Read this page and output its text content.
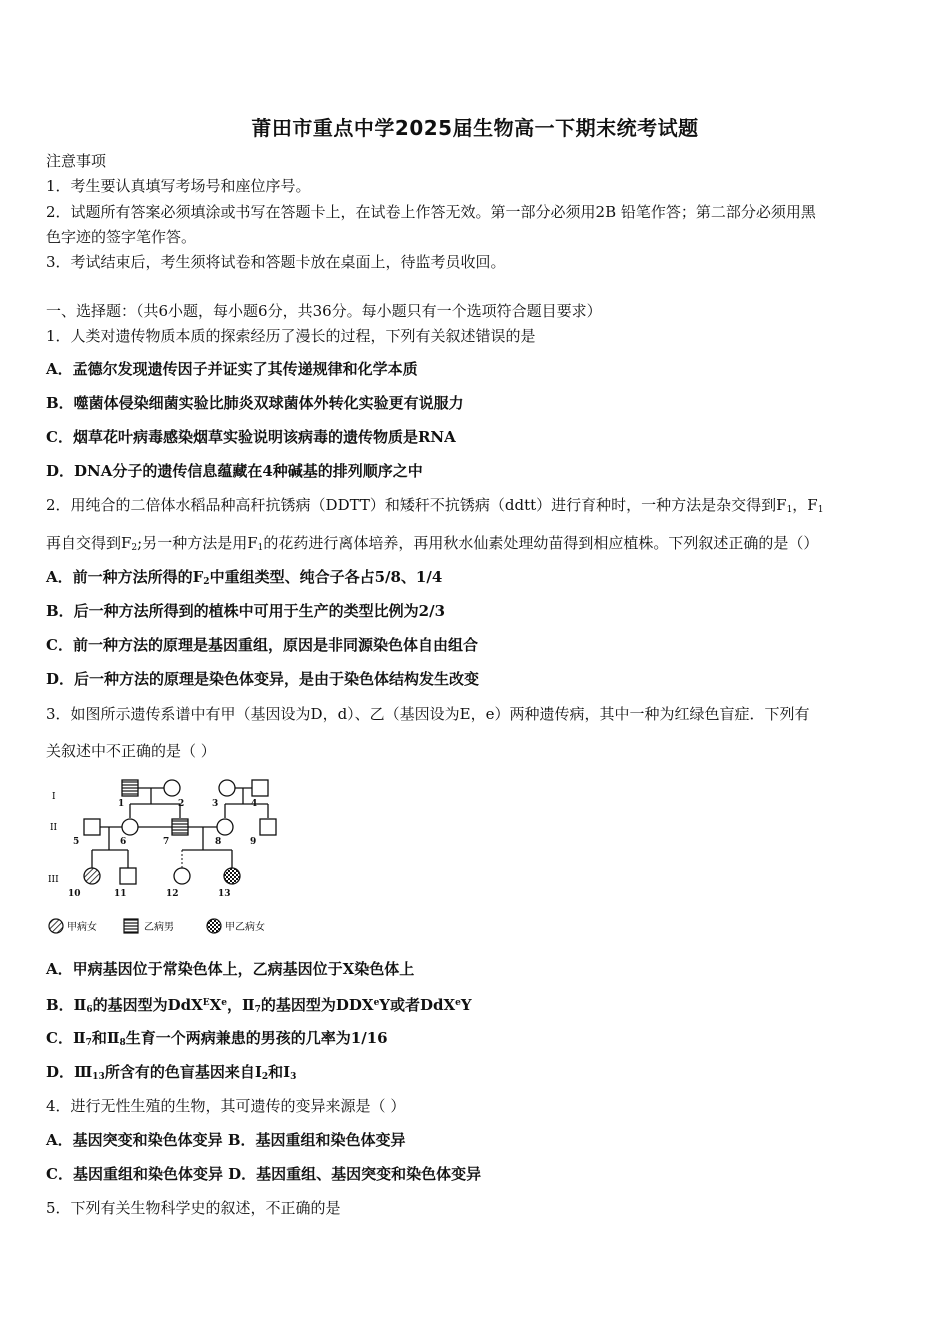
莆田市重点中学2025届生物高一下期末统考试题
注意事项
1．考生要认真填写考场号和座位序号。
2．试题所有答案必须填涂或书写在答题卡上，在试卷上作答无效。第一部分必须用2B 铅笔作答；第二部分必须用黑
色字迹的签字笔作答。
3．考试结束后，考生须将试卷和答题卡放在桌面上，待监考员收回。
一、选择题：（共6小题，每小题6分，共36分。每小题只有一个选项符合题目要求）
1．人类对遗传物质本质的探索经历了漫长的过程，下列有关叙述错误的是
A．孟德尔发现遗传因子并证实了其传递规律和化学本质
B．噬菌体侵染细菌实验比肺炎双球菌体外转化实验更有说服力
C．烟草花叶病毒感染烟草实验说明该病毒的遗传物质是RNA
D．DNA分子的遗传信息蕴藏在4种碱基的排列顺序之中
2．用纯合的二倍体水稻品种高秆抗锈病（DDTT）和矮秆不抗锈病（ddtt）进行育种时，一种方法是杂交得到$F_1$，$F_1$
再自交得到$F_2$;另一种方法是用$F_1$的花药进行离体培养，再用秋水仙素处理幼苗得到相应植株。下列叙述正确的是（）
A．前一种方法所得的$F_2$中重组类型、纯合子各占5/8、1/4
B．后一种方法所得到的植株中可用于生产的类型比例为2/3
C．前一种方法的原理是基因重组，原因是非同源染色体自由组合
D．后一种方法的原理是染色体变异，是由于染色体结构发生改变
3．如图所示遗传系谱中有甲（基因设为D，d）、乙（基因设为E，e）两种遗传病，其中一种为红绿色盲症．下列有
关叙述中不正确的是（ ）
I
II
III
1	2	3	4
5	6	7	8	9
10	11	12	13
甲病女	乙病男	甲乙病女
A．甲病基因位于常染色体上，乙病基因位于X染色体上
B．$Ⅱ_6$的基因型为DdX$^E$Xe，$Ⅱ_7$的基因型为DDXeY或者DdX$^e$Y
C．$Ⅱ_7$和$Ⅱ_8$生育一个两病兼患的男孩的几率为1/16
D．$Ⅲ_{13}$所含有的色盲基因来自$I_2$和$I_3$
4．进行无性生殖的生物，其可遗传的变异来源是（ ）
A．基因突变和染色体变异 B．基因重组和染色体变异
C．基因重组和染色体变异 D．基因重组、基因突变和染色体变异
5．下列有关生物科学史的叙述，不正确的是
